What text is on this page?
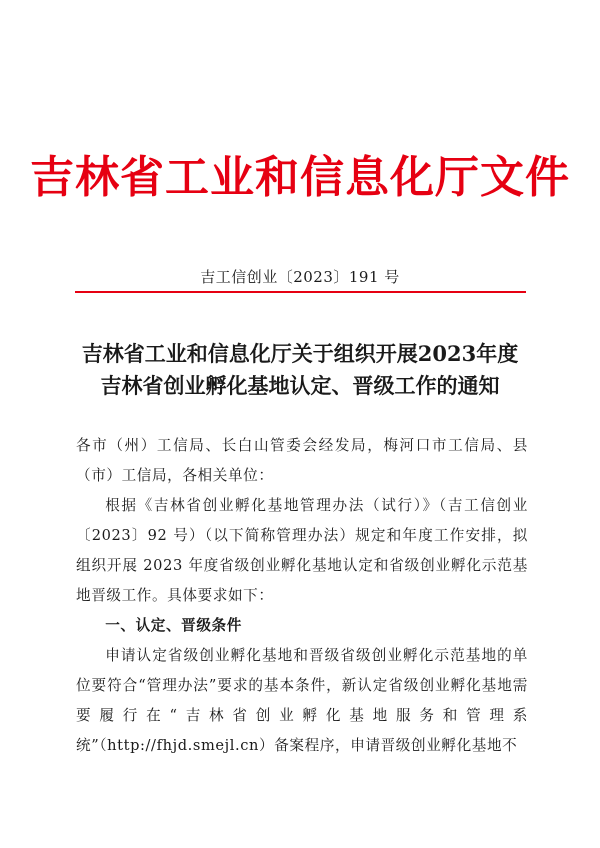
吉林省工业和信息化厅文件
吉工信创业〔2023〕191 号
吉林省工业和信息化厅关于组织开展2023年度
吉林省创业孵化基地认定、晋级工作的通知

各市（州）工信局、长白山管委会经发局，梅河口市工信局、县（市）工信局，各相关单位：

根据《吉林省创业孵化基地管理办法（试行）》（吉工信创业〔2023〕92 号）（以下简称管理办法）规定和年度工作安排，拟组织开展 2023 年度省级创业孵化基地认定和省级创业孵化示范基地晋级工作。具体要求如下：

一、认定、晋级条件

申请认定省级创业孵化基地和晋级省级创业孵化示范基地的单位要符合“管理办法”要求的基本条件，新认定省级创业孵化基地需要履行在“吉林省创业孵化基地服务和管理系统”（http://fhjd.smejl.cn）备案程序，申请晋级创业孵化基地不
